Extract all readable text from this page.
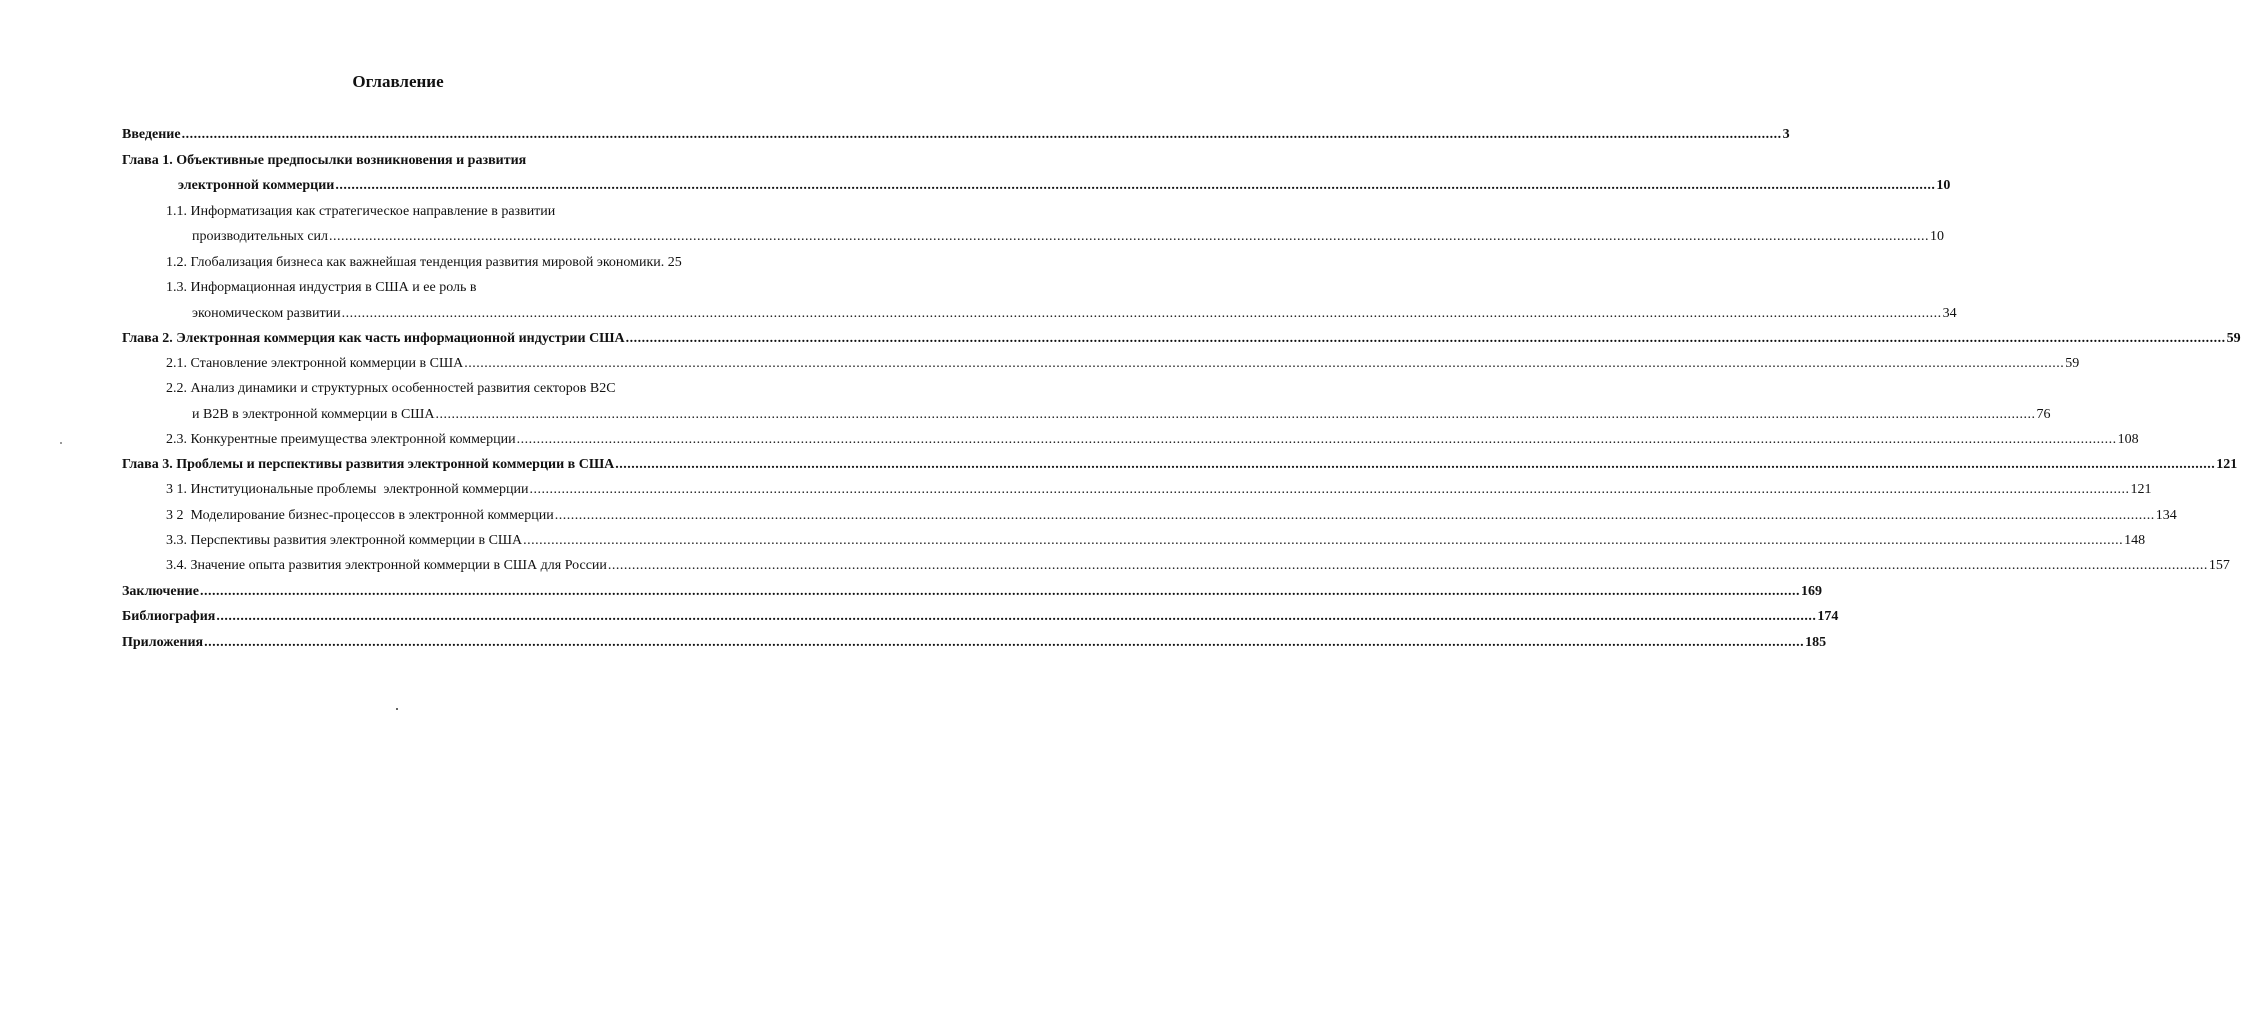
Оглавление
Введение ................................................................................................................................................................................................................................................................................................................................................................................................................ 3
Глава 1. Объективные предпосылки возникновения и развития
электронной коммерции ................................................................................................................................................................................................................................................................................................................................................................................................................ 10
1.1. Информатизация как стратегическое направление в развитии
производительных сил ................................................................................................................................................................................................................................................................................................................................................................................................................ 10
1.2. Глобализация бизнеса как важнейшая тенденция развития мировой экономики. 25
1.3. Информационная индустрия в США и ее роль в
экономическом развитии ................................................................................................................................................................................................................................................................................................................................................................................................................ 34
Глава 2. Электронная коммерция как часть информационной индустрии США ................................................................................................................................................................................................................................................................................................................................................................................................................ 59
2.1. Становление электронной коммерции в США ................................................................................................................................................................................................................................................................................................................................................................................................................ 59
2.2. Анализ динамики и структурных особенностей развития секторов В2С
и В2В в электронной коммерции в США ................................................................................................................................................................................................................................................................................................................................................................................................................ 76
2.3. Конкурентные преимущества электронной коммерции ................................................................................................................................................................................................................................................................................................................................................................................................................ 108
Глава 3. Проблемы и перспективы развития электронной коммерции в США ................................................................................................................................................................................................................................................................................................................................................................................................................ 121
3 1. Институциональные проблемы  электронной коммерции ................................................................................................................................................................................................................................................................................................................................................................................................................ 121
3 2  Моделирование бизнес-процессов в электронной коммерции ................................................................................................................................................................................................................................................................................................................................................................................................................ 134
3.3. Перспективы развития электронной коммерции в США ................................................................................................................................................................................................................................................................................................................................................................................................................ 148
3.4. Значение опыта развития электронной коммерции в США для России ................................................................................................................................................................................................................................................................................................................................................................................................................ 157
Заключение ................................................................................................................................................................................................................................................................................................................................................................................................................ 169
Библиография ................................................................................................................................................................................................................................................................................................................................................................................................................ 174
Приложения ................................................................................................................................................................................................................................................................................................................................................................................................................ 185
